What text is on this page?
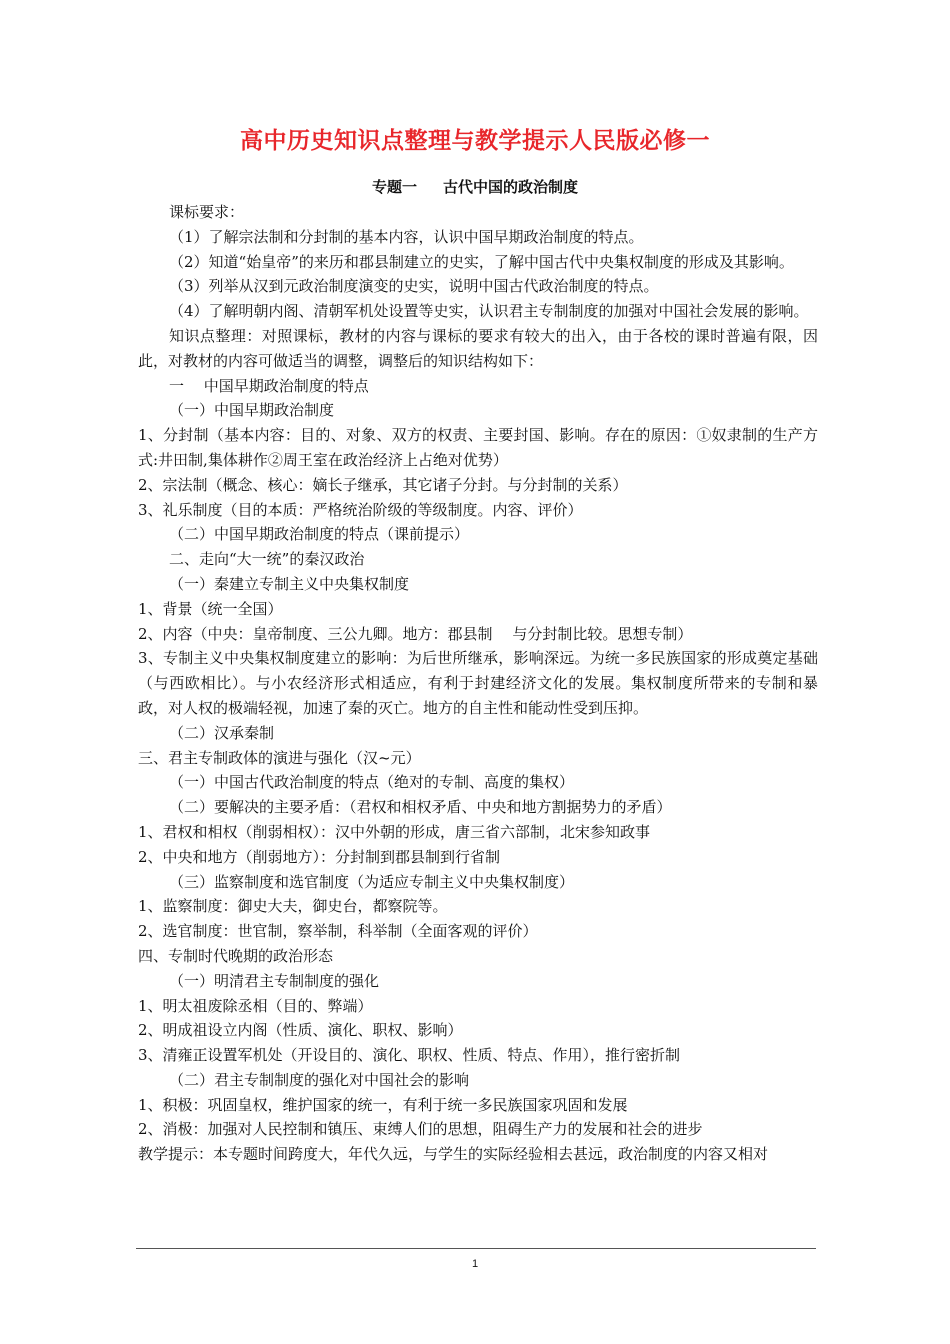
高中历史知识点整理与教学提示人民版必修一
专题一 古代中国的政治制度

课标要求：

（1）了解宗法制和分封制的基本内容，认识中国早期政治制度的特点。

（2）知道“始皇帝”的来历和郡县制建立的史实，了解中国古代中央集权制度的形成及其影响。

（3）列举从汉到元政治制度演变的史实，说明中国古代政治制度的特点。

（4）了解明朝内阁、清朝军机处设置等史实，认识君主专制制度的加强对中国社会发展的影响。

知识点整理：对照课标，教材的内容与课标的要求有较大的出入，由于各校的课时普遍有限，因此，对教材的内容可做适当的调整，调整后的知识结构如下：

一　 中国早期政治制度的特点

（一）中国早期政治制度

1、分封制（基本内容：目的、对象、双方的权责、主要封国、影响。存在的原因：①奴隶制的生产方式:井田制,集体耕作②周王室在政治经济上占绝对优势）

2、宗法制（概念、核心：嫡长子继承，其它诸子分封。与分封制的关系）

3、礼乐制度（目的本质：严格统治阶级的等级制度。内容、评价）

（二）中国早期政治制度的特点（课前提示）

二、走向“大一统”的秦汉政治

（一）秦建立专制主义中央集权制度

1、背景（统一全国）

2、内容（中央：皇帝制度、三公九卿。地方：郡县制　 与分封制比较。思想专制）

3、专制主义中央集权制度建立的影响：为后世所继承，影响深远。为统一多民族国家的形成奠定基础（与西欧相比）。与小农经济形式相适应，有利于封建经济文化的发展。集权制度所带来的专制和暴政，对人权的极端轻视，加速了秦的灭亡。地方的自主性和能动性受到压抑。

（二）汉承秦制

三、君主专制政体的演进与强化（汉~元）

（一）中国古代政治制度的特点（绝对的专制、高度的集权）

（二）要解决的主要矛盾：（君权和相权矛盾、中央和地方割据势力的矛盾）

1、君权和相权（削弱相权）：汉中外朝的形成，唐三省六部制，北宋参知政事

2、中央和地方（削弱地方）：分封制到郡县制到行省制

（三）监察制度和选官制度（为适应专制主义中央集权制度）

1、监察制度：御史大夫，御史台，都察院等。

2、选官制度：世官制，察举制，科举制（全面客观的评价）

四、专制时代晚期的政治形态

（一）明清君主专制制度的强化

1、明太祖废除丞相（目的、弊端）

2、明成祖设立内阁（性质、演化、职权、影响）

3、清雍正设置军机处（开设目的、演化、职权、性质、特点、作用），推行密折制

（二）君主专制制度的强化对中国社会的影响

1、积极：巩固皇权，维护国家的统一，有利于统一多民族国家巩固和发展

2、消极：加强对人民控制和镇压、束缚人们的思想，阻碍生产力的发展和社会的进步

教学提示：本专题时间跨度大，年代久远，与学生的实际经验相去甚远，政治制度的内容又相对

1
